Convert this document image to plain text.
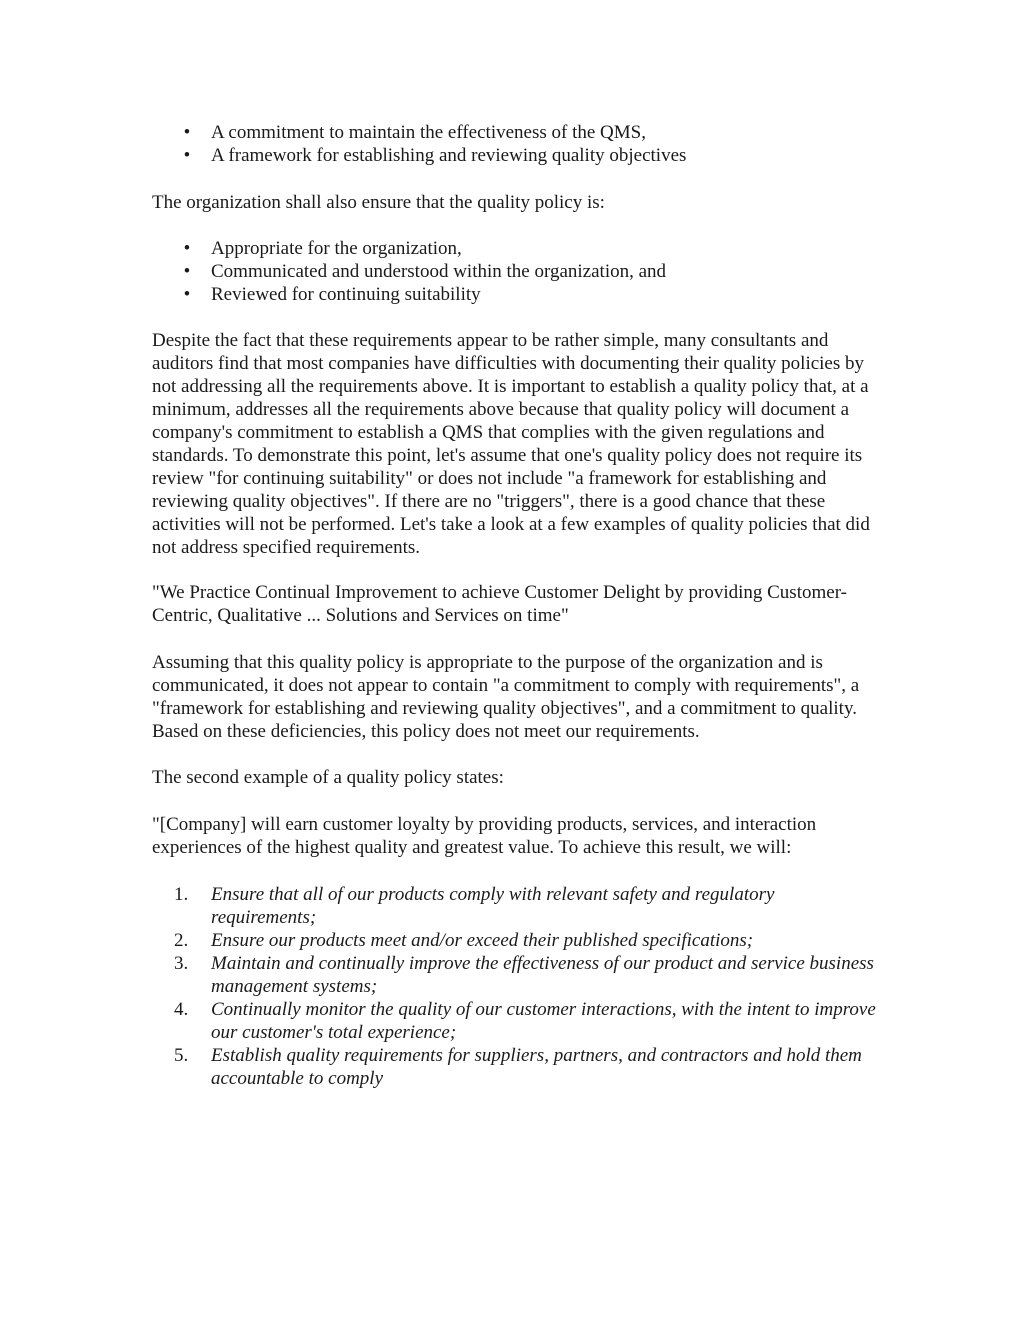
• A commitment to maintain the effectiveness of the QMS,
• A framework for establishing and reviewing quality objectives

The organization shall also ensure that the quality policy is:

• Appropriate for the organization,
• Communicated and understood within the organization, and
• Reviewed for continuing suitability

Despite the fact that these requirements appear to be rather simple, many consultants and auditors find that most companies have difficulties with documenting their quality policies by not addressing all the requirements above. It is important to establish a quality policy that, at a minimum, addresses all the requirements above because that quality policy will document a company's commitment to establish a QMS that complies with the given regulations and standards. To demonstrate this point, let's assume that one's quality policy does not require its review "for continuing suitability" or does not include "a framework for establishing and reviewing quality objectives". If there are no "triggers", there is a good chance that these activities will not be performed. Let's take a look at a few examples of quality policies that did not address specified requirements.

"We Practice Continual Improvement to achieve Customer Delight by providing Customer-Centric, Qualitative ... Solutions and Services on time"

Assuming that this quality policy is appropriate to the purpose of the organization and is communicated, it does not appear to contain "a commitment to comply with requirements", a "framework for establishing and reviewing quality objectives", and a commitment to quality. Based on these deficiencies, this policy does not meet our requirements.

The second example of a quality policy states:

"[Company] will earn customer loyalty by providing products, services, and interaction experiences of the highest quality and greatest value. To achieve this result, we will:

1.	Ensure that all of our products comply with relevant safety and regulatory requirements;
2.	Ensure our products meet and/or exceed their published specifications;
3.	Maintain and continually improve the effectiveness of our product and service business management systems;
4.	Continually monitor the quality of our customer interactions, with the intent to improve our customer's total experience;
5.	Establish quality requirements for suppliers, partners, and contractors and hold them accountable to comply
